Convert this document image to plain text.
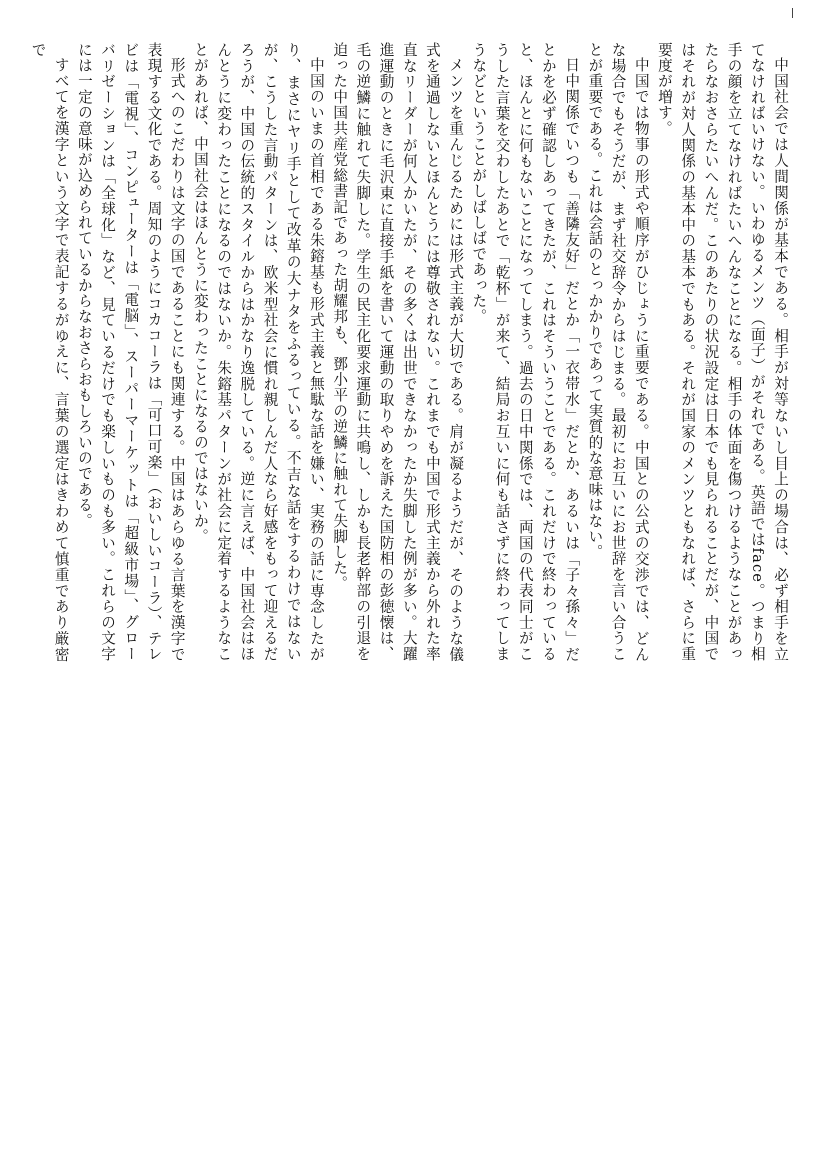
中国社会では人間関係が基本である。相手が対等ないし目上の場合は、必ず相手を立てなければいけない。いわゆるメンツ（面子）がそれである。英語ではface。つまり相手の顔を立てなければたいへんなことになる。相手の体面を傷つけるようなことがあったらなおさらたいへんだ。このあたりの状況設定は日本でも見られることだが、中国ではそれが対人関係の基本中の基本でもある。それが国家のメンツともなれば、さらに重要度が増す。

中国では物事の形式や順序がひじょうに重要である。中国との公式の交渉では、どんな場合でもそうだが、まず社交辞令からはじまる。最初にお互いにお世辞を言い合うことが重要である。これは会話のとっかかりであって実質的な意味はない。

日中関係でいつも「善隣友好」だとか「一衣帯水」だとか、あるいは「子々孫々」だとかを必ず確認しあってきたが、これはそういうことである。これだけで終わっていると、ほんとに何もないことになってしまう。過去の日中関係では、両国の代表同士がこうした言葉を交わしたあとで「乾杯」が来て、結局お互いに何も話さずに終わってしまうなどということがしばしばであった。

メンツを重んじるためには形式主義が大切である。肩が凝るようだが、そのような儀式を通過しないとほんとうには尊敬されない。これまでも中国で形式主義から外れた率直なリーダーが何人かいたが、その多くは出世できなかったか失脚した例が多い。大躍進運動のときに毛沢東に直接手紙を書いて運動の取りやめを訴えた国防相の彭徳懐は、毛の逆鱗に触れて失脚した。学生の民主化要求運動に共鳴し、しかも長老幹部の引退を迫った中国共産党総書記であった胡耀邦も、鄧小平の逆鱗に触れて失脚した。

中国のいまの首相である朱鎔基も形式主義と無駄な話を嫌い、実務の話に専念したがり、まさにヤリ手として改革の大ナタをふるっている。不吉な話をするわけではないが、こうした言動パターンは、欧米型社会に慣れ親しんだ人なら好感をもって迎えるだろうが、中国の伝統的スタイルからはかなり逸脱している。逆に言えば、中国社会はほんとうに変わったことになるのではないか。朱鎔基パターンが社会に定着するようなことがあれば、中国社会はほんとうに変わったことになるのではないか。

形式へのこだわりは文字の国であることにも関連する。中国はあらゆる言葉を漢字で表現する文化である。周知のようにコカコーラは「可口可楽」（おいしいコーラ）、テレビは「電視」、コンピューターは「電脳」、スーパーマーケットは「超級市場」、グローバリゼーションは「全球化」など、見ているだけでも楽しいものも多い。これらの文字には一定の意味が込められているからなおさらおもしろいのである。

すべてを漢字という文字で表記するがゆえに、言葉の選定はきわめて慎重であり厳密で
